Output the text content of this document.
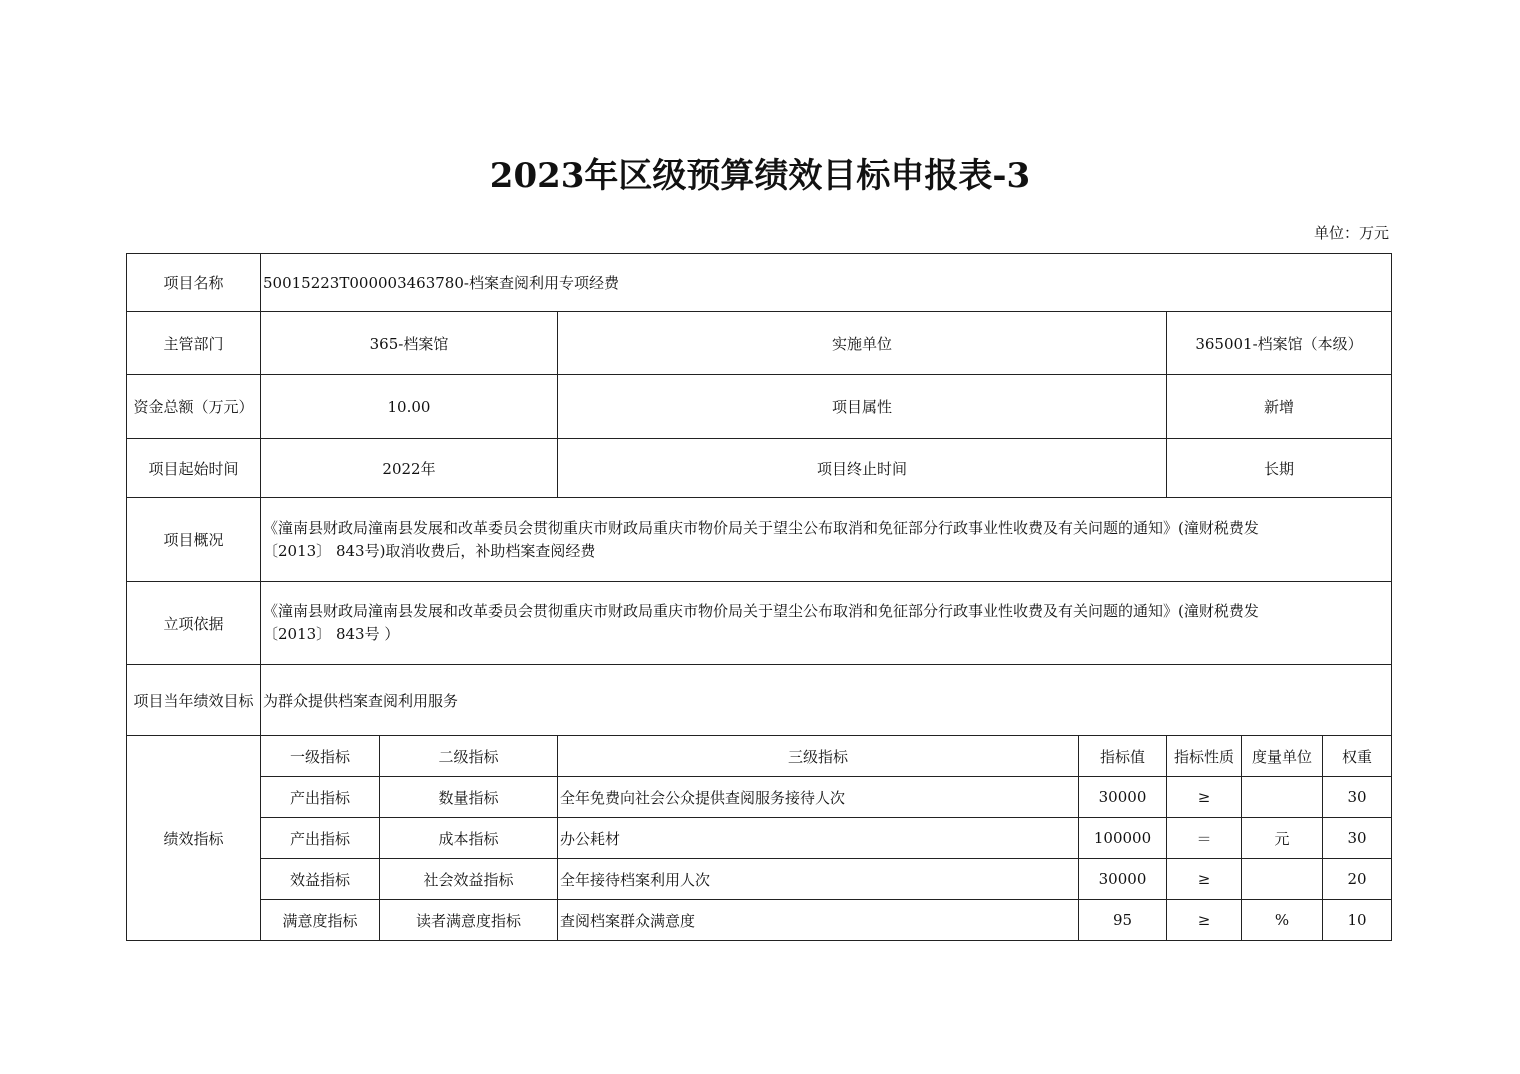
2023年区级预算绩效目标申报表-3
单位：万元
项目名称	50015223T000003463780-档案查阅利用专项经费						
主管部门	365-档案馆		实施单位		365001-档案馆（本级）		
资金总额（万元）	10.00		项目属性		新增		
项目起始时间	2022年		项目终止时间		长期		
项目概况	《潼南县财政局潼南县发展和改革委员会贯彻重庆市财政局重庆市物价局关于望尘公布取消和免征部分行政事业性收费及有关问题的通知》(潼财税费发
〔2013〕 843号)取消收费后，补助档案查阅经费						

立项依据	《潼南县财政局潼南县发展和改革委员会贯彻重庆市财政局重庆市物价局关于望尘公布取消和免征部分行政事业性收费及有关问题的通知》(潼财税费发
〔2013〕 843号 ）						

项目当年绩效目标	为群众提供档案查阅利用服务						
绩效指标	一级指标	二级指标	三级指标	指标值	指标性质	度量单位	权重
	产出指标	数量指标	全年免费向社会公众提供查阅服务接待人次	30000	≥		30
	产出指标	成本指标	办公耗材	100000	＝	元	30
	效益指标	社会效益指标	全年接待档案利用人次	30000	≥		20
	满意度指标	读者满意度指标	查阅档案群众满意度	95	≥	%	10
